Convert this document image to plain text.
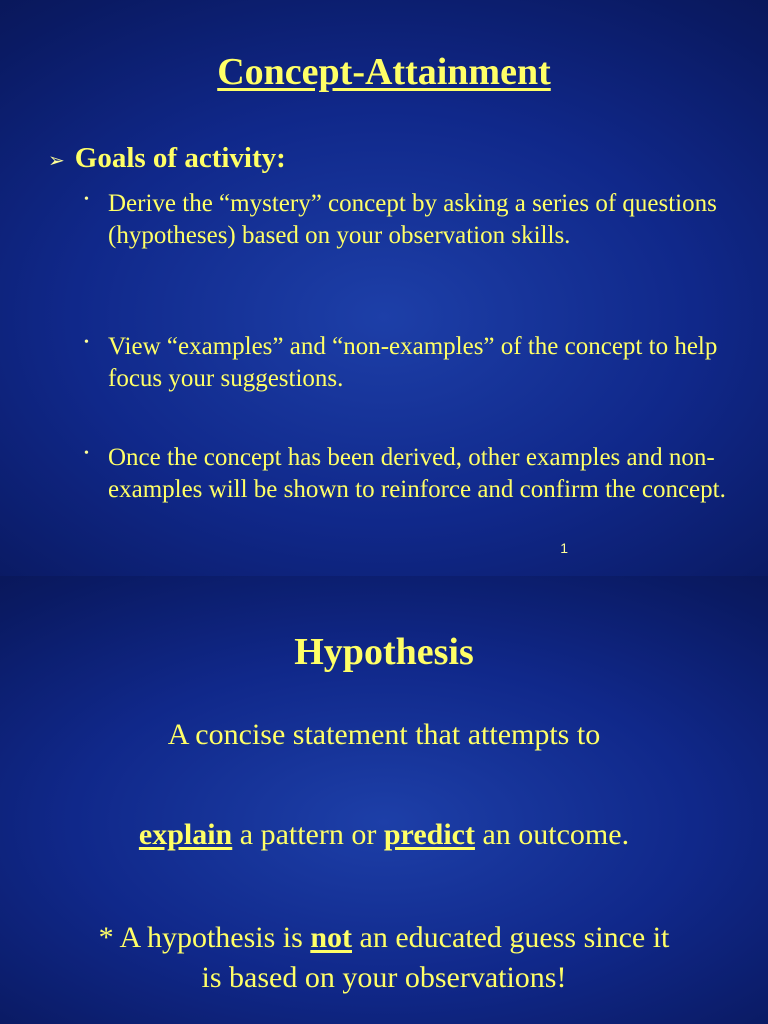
Concept-Attainment
➢ Goals of activity:
• Derive the “mystery” concept by asking a series of questions (hypotheses) based on your observation skills.
• View “examples” and “non-examples” of the concept to help focus your suggestions.
• Once the concept has been derived, other examples and non-examples will be shown to reinforce and confirm the concept.
1
Hypothesis
A concise statement that attempts to
explain a pattern or predict an outcome.
* A hypothesis is not an educated guess since it
is based on your observations!
